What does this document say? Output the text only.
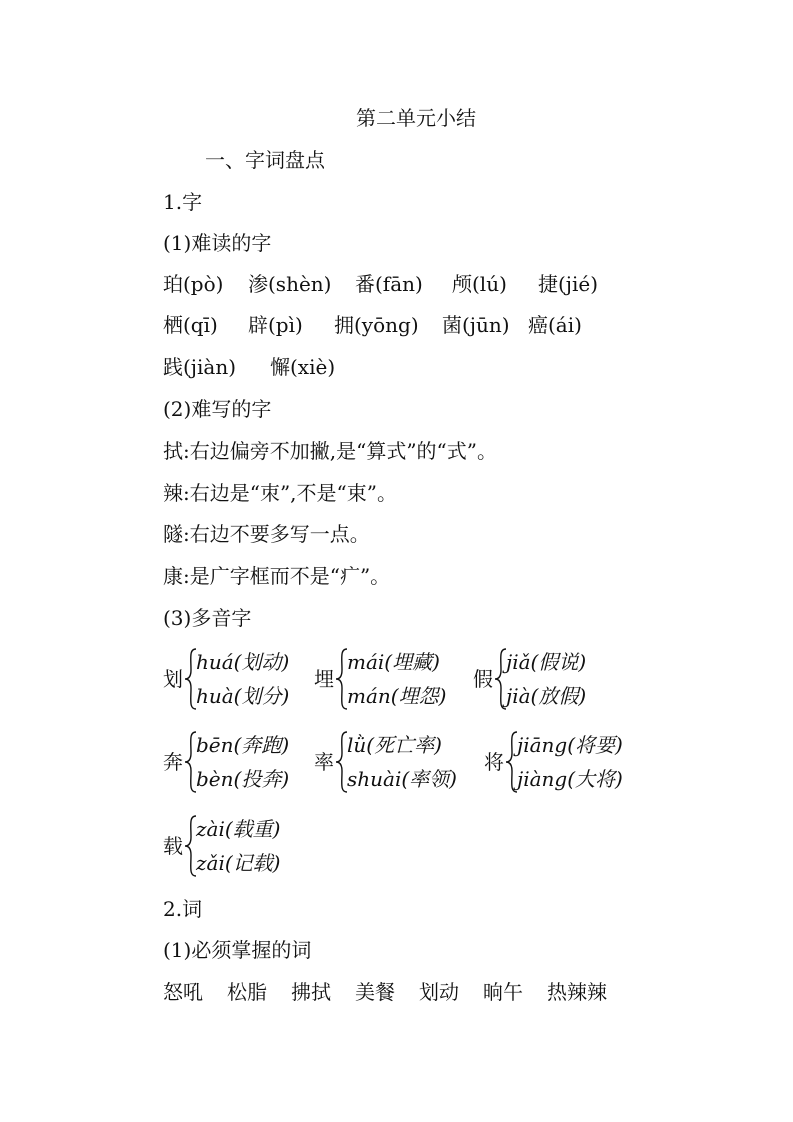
第二单元小结
一、字词盘点
1.字
(1)难读的字
珀(pò)	渗(shèn)	番(fān)	颅(lú)	捷(jié)
栖(qī)	辟(pì)	拥(yōng)	菌(jūn) 癌(ái)
践(jiàn)	懈(xiè)
(2)难写的字
拭:右边偏旁不加撇,是“算式”的“式”。
辣:右边是“朿”,不是“束”。
隧:右边不要多写一点。
康:是广字框而不是“疒”。
(3)多音字
划
huá(划动)
huà(划分)
埋
mái(埋藏)
mán(埋怨)
假
jiǎ(假说)
jià(放假)
奔
bēn(奔跑)
bèn(投奔)
率
lǜ(死亡率)
shuài(率领)
将
jiāng(将要)
jiàng(大将)
载
zài(载重)
zǎi(记载)
2.词
(1)必须掌握的词
怒吼	松脂	拂拭	美餐	划动	晌午	热辣辣
